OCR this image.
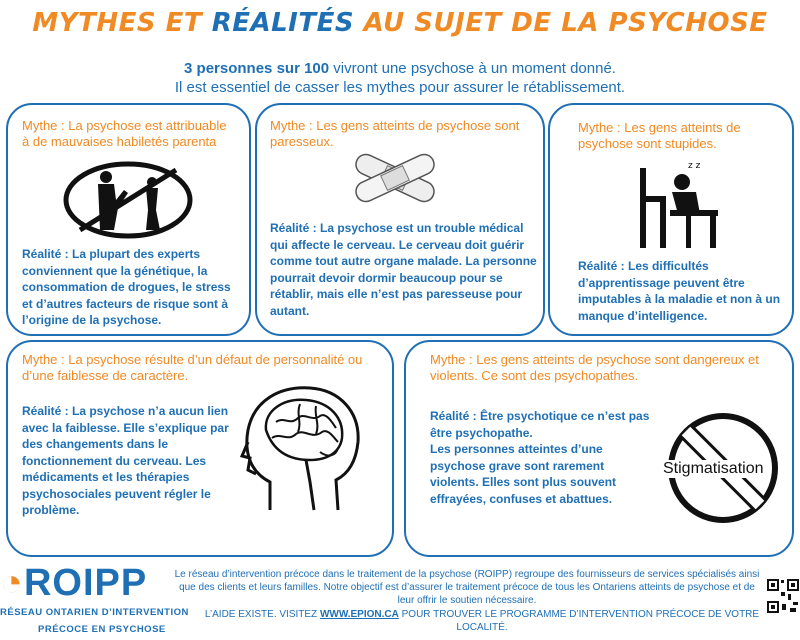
MYTHES ET RÉALITÉS AU SUJET DE LA PSYCHOSE
3 personnes sur 100 vivront une psychose à un moment donné.
Il est essentiel de casser les mythes pour assurer le rétablissement.
Mythe : La psychose est attribuable à de mauvaises habiletés parenta
Réalité : La plupart des experts conviennent que la génétique, la consommation de drogues, le stress et d’autres facteurs de risque sont à l’origine de la psychose.
Mythe : Les gens atteints de psychose sont paresseux.
Réalité : La psychose est un trouble médical qui affecte le cerveau. Le cerveau doit guérir comme tout autre organe malade. La personne pourrait devoir dormir beaucoup pour se rétablir, mais elle n’est pas paresseuse pour autant.
Mythe : Les gens atteints de psychose sont stupides.
z z
Réalité : Les difficultés d’apprentissage peuvent être imputables à la maladie et non à un manque d’intelligence.
Mythe : La psychose résulte d’un défaut de personnalité ou d’une faiblesse de caractère.
Réalité : La psychose n’a aucun lien avec la faiblesse. Elle s’explique par des changements dans le fonctionnement du cerveau. Les médicaments et les thérapies psychosociales peuvent régler le problème.
Mythe : Les gens atteints de psychose sont dangereux et violents. Ce sont des psychopathes.
Réalité : Être psychotique ce n’est pas être psychopathe.
Les personnes atteintes d’une psychose grave sont rarement violents. Elles sont plus souvent effrayées, confuses et abattues.
Stigmatisation
◔ROIPP
RÉSEAU ONTARIEN D’INTERVENTION
PRÉCOCE EN PSYCHOSE
Le réseau d’intervention précoce dans le traitement de la psychose (ROIPP) regroupe des fournisseurs de services spécialisés ainsi que des clients et leurs familles. Notre objectif est d’assurer le traitement précoce de tous les Ontariens atteints de psychose et de leur offrir le soutien nécessaire.
L’AIDE EXISTE. VISITEZ WWW.EPION.CA POUR TROUVER LE PROGRAMME D’INTERVENTION PRÉCOCE DE VOTRE LOCALITÉ.
